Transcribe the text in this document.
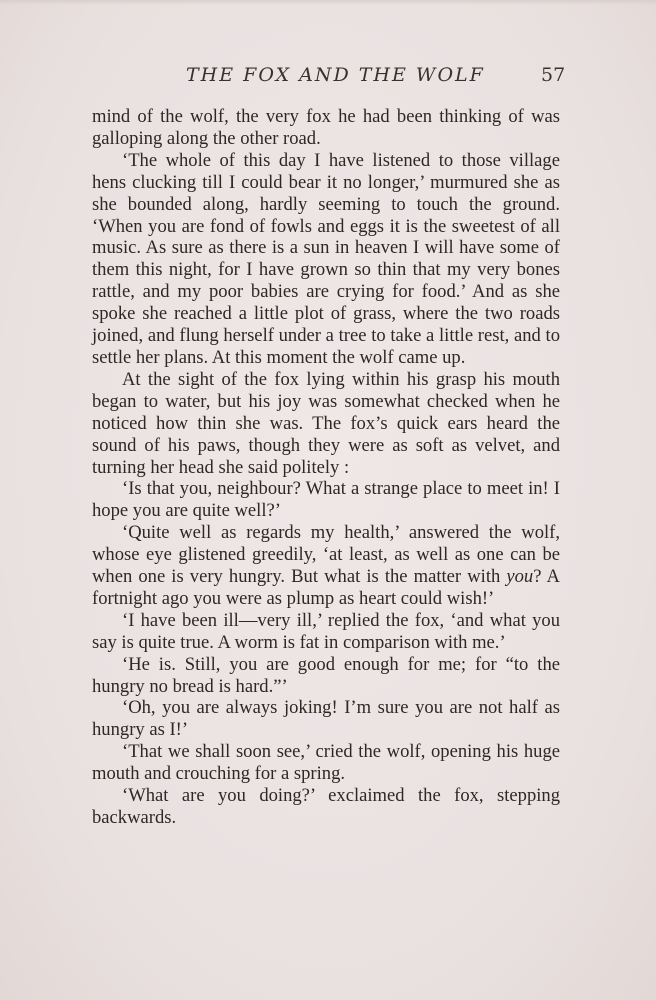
THE FOX AND THE WOLF	57

mind of the wolf, the very fox he had been thinking of was galloping along the other road.

‘The whole of this day I have listened to those village hens clucking till I could bear it no longer,’ murmured she as she bounded along, hardly seeming to touch the ground. ‘When you are fond of fowls and eggs it is the sweetest of all music. As sure as there is a sun in heaven I will have some of them this night, for I have grown so thin that my very bones rattle, and my poor babies are crying for food.’ And as she spoke she reached a little plot of grass, where the two roads joined, and flung herself under a tree to take a little rest, and to settle her plans. At this moment the wolf came up.

At the sight of the fox lying within his grasp his mouth began to water, but his joy was somewhat checked when he noticed how thin she was. The fox’s quick ears heard the sound of his paws, though they were as soft as velvet, and turning her head she said politely :

‘Is that you, neighbour? What a strange place to meet in! I hope you are quite well?’

‘Quite well as regards my health,’ answered the wolf, whose eye glistened greedily, ‘at least, as well as one can be when one is very hungry. But what is the matter with you? A fortnight ago you were as plump as heart could wish!’

‘I have been ill—very ill,’ replied the fox, ‘and what you say is quite true. A worm is fat in comparison with me.’

‘He is. Still, you are good enough for me; for “to the hungry no bread is hard.”’

‘Oh, you are always joking! I’m sure you are not half as hungry as I!’

‘That we shall soon see,’ cried the wolf, opening his huge mouth and crouching for a spring.

‘What are you doing?’ exclaimed the fox, stepping backwards.
